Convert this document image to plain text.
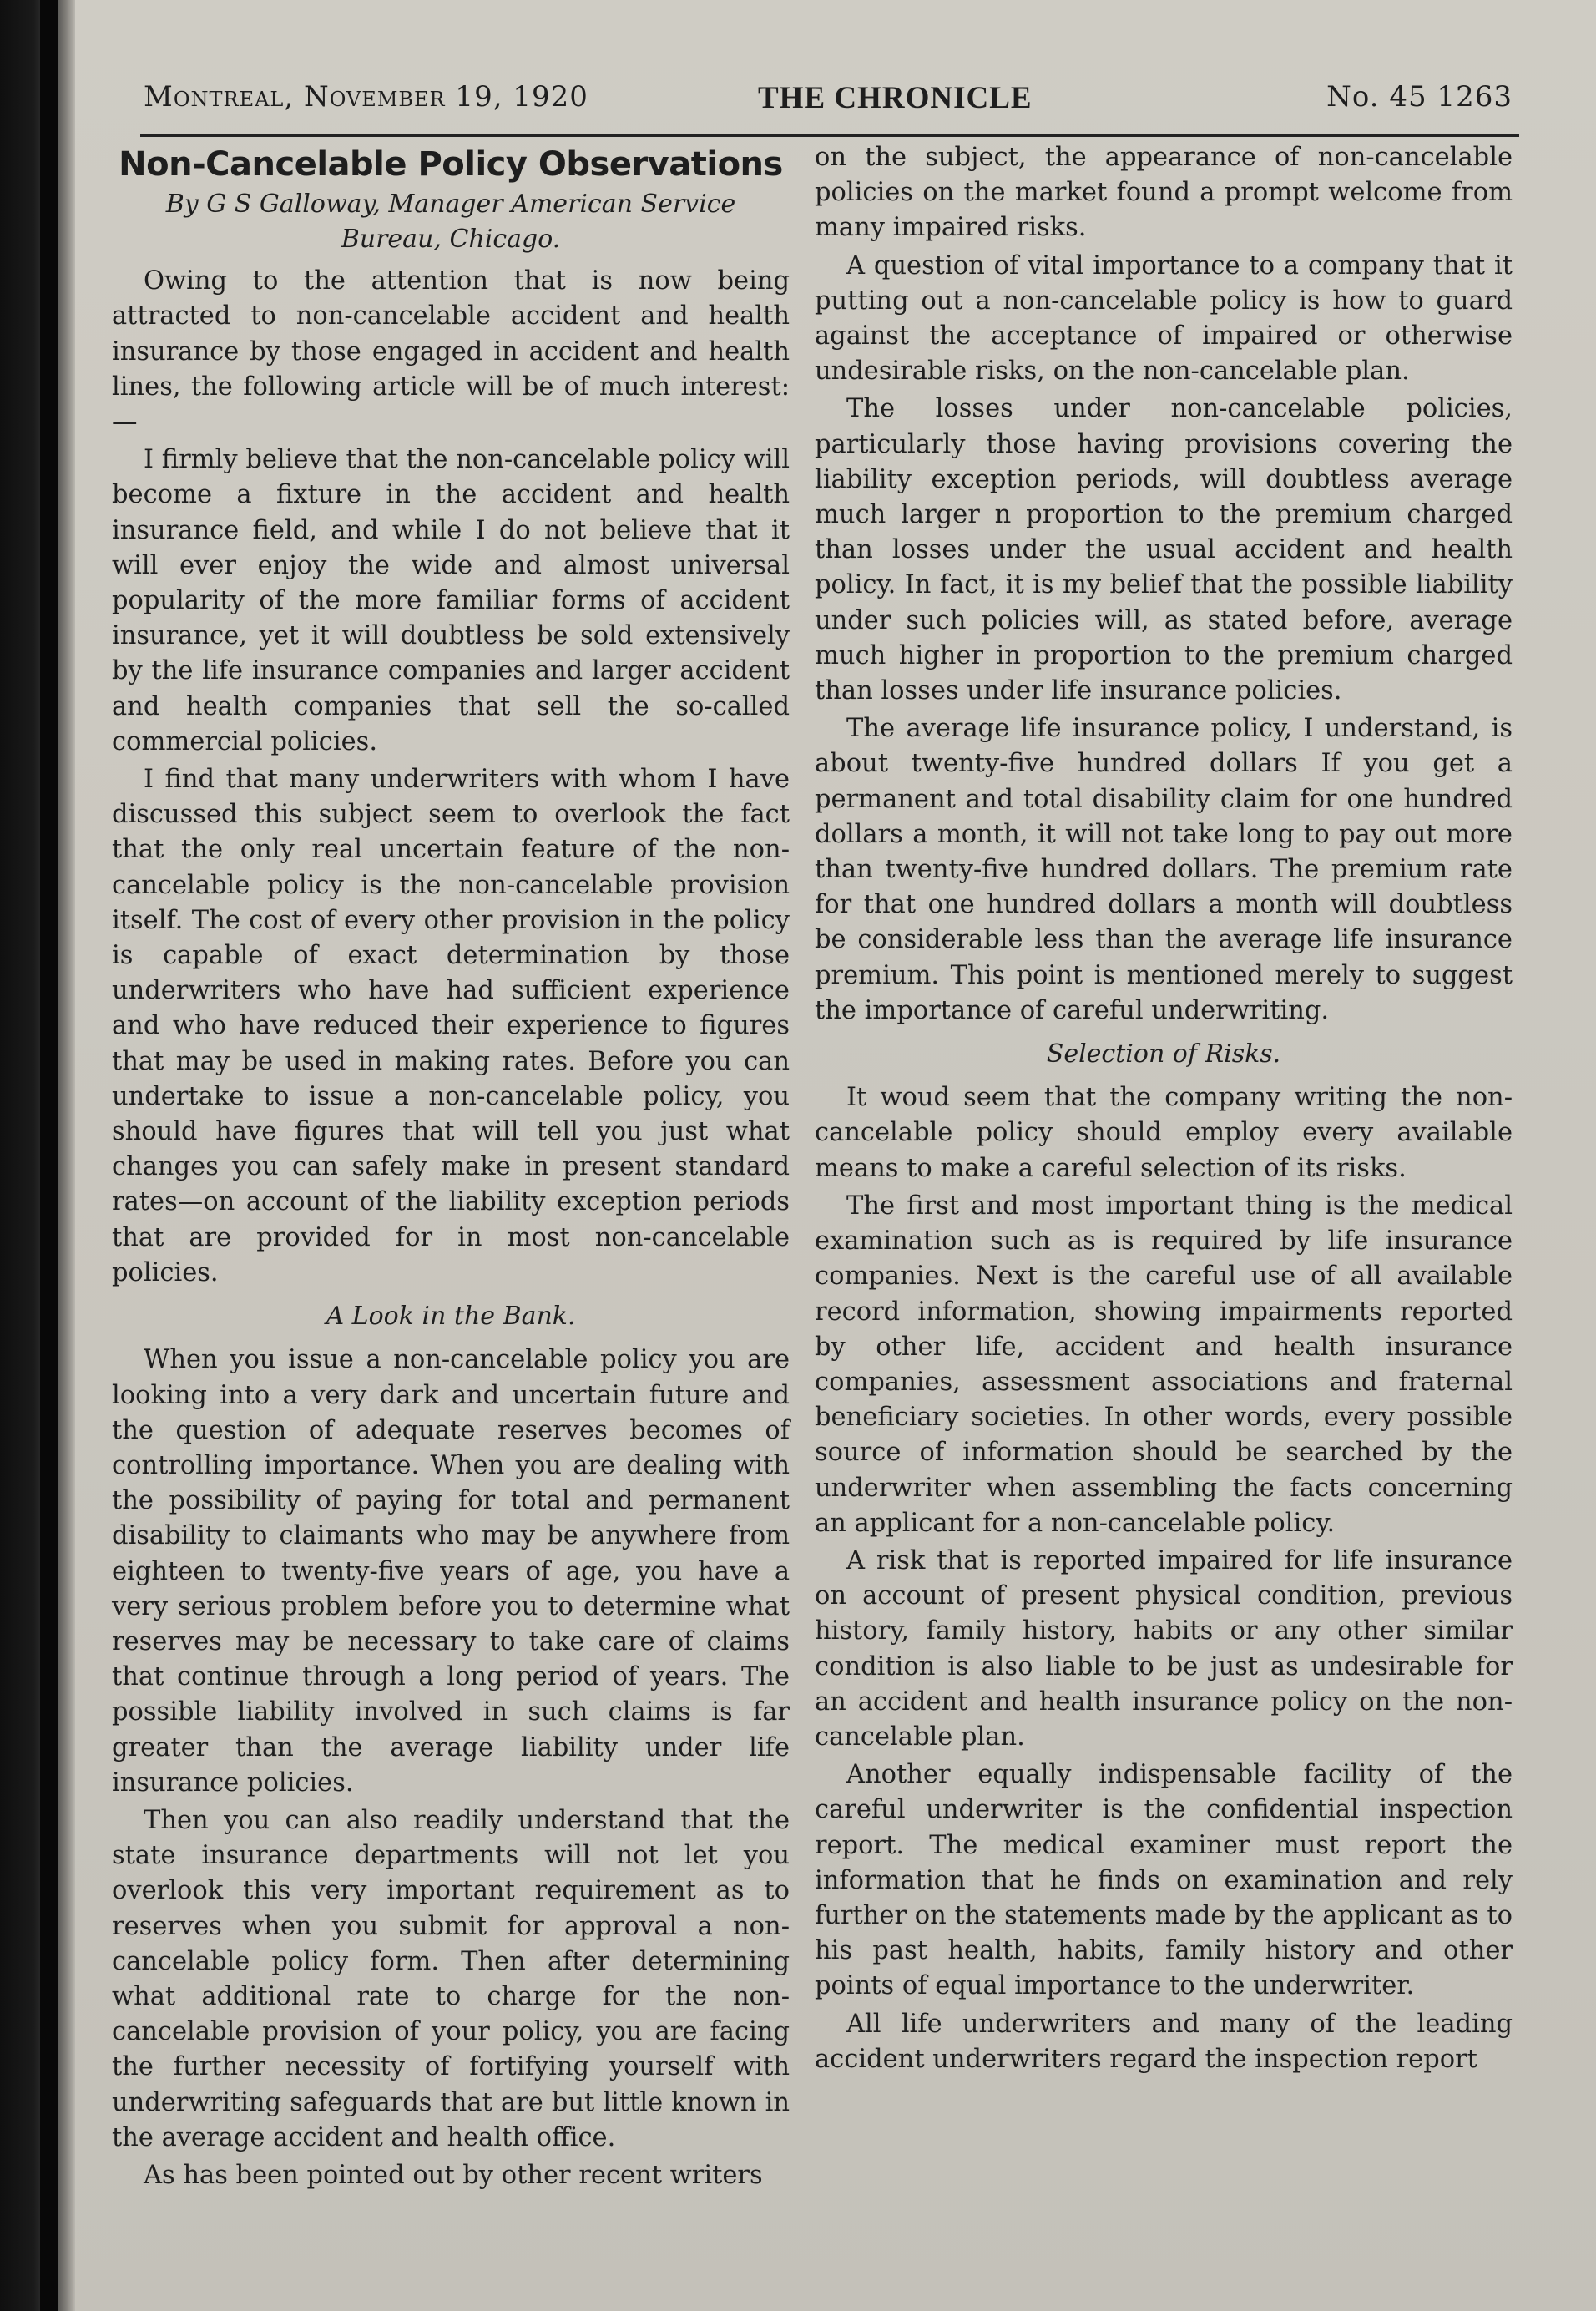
Montreal, November 19, 1920	THE CHRONICLE	No. 45 1263
Non-Cancelable Policy Observations
By G S Galloway, Manager American Service Bureau, Chicago.

Owing to the attention that is now being attracted to non-cancelable accident and health insurance by those engaged in accident and health lines, the following article will be of much interest:—

I firmly believe that the non-cancelable policy will become a fixture in the accident and health insurance field, and while I do not believe that it will ever enjoy the wide and almost universal popularity of the more familiar forms of accident insurance, yet it will doubtless be sold extensively by the life insurance companies and larger accident and health companies that sell the so-called commercial policies.

I find that many underwriters with whom I have discussed this subject seem to overlook the fact that the only real uncertain feature of the non-cancelable policy is the non-cancelable provision itself. The cost of every other provision in the policy is capable of exact determination by those underwriters who have had sufficient experience and who have reduced their experience to figures that may be used in making rates. Before you can undertake to issue a non-cancelable policy, you should have figures that will tell you just what changes you can safely make in present standard rates—on account of the liability exception periods that are provided for in most non-cancelable policies.

A Look in the Bank.

When you issue a non-cancelable policy you are looking into a very dark and uncertain future and the question of adequate reserves becomes of controlling importance. When you are dealing with the possibility of paying for total and permanent disability to claimants who may be anywhere from eighteen to twenty-five years of age, you have a very serious problem before you to determine what reserves may be necessary to take care of claims that continue through a long period of years. The possible liability involved in such claims is far greater than the average liability under life insurance policies.

Then you can also readily understand that the state insurance departments will not let you overlook this very important requirement as to reserves when you submit for approval a non-cancelable policy form. Then after determining what additional rate to charge for the non-cancelable provision of your policy, you are facing the further necessity of fortifying yourself with underwriting safeguards that are but little known in the average accident and health office.

As has been pointed out by other recent writers

on the subject, the appearance of non-cancelable policies on the market found a prompt welcome from many impaired risks.

A question of vital importance to a company that it putting out a non-cancelable policy is how to guard against the acceptance of impaired or otherwise undesirable risks, on the non-cancelable plan.

The losses under non-cancelable policies, particularly those having provisions covering the liability exception periods, will doubtless average much larger n proportion to the premium charged than losses under the usual accident and health policy. In fact, it is my belief that the possible liability under such policies will, as stated before, average much higher in proportion to the premium charged than losses under life insurance policies.

The average life insurance policy, I understand, is about twenty-five hundred dollars If you get a permanent and total disability claim for one hundred dollars a month, it will not take long to pay out more than twenty-five hundred dollars. The premium rate for that one hundred dollars a month will doubtless be considerable less than the average life insurance premium. This point is mentioned merely to suggest the importance of careful underwriting.

Selection of Risks.

It woud seem that the company writing the non-cancelable policy should employ every available means to make a careful selection of its risks.

The first and most important thing is the medical examination such as is required by life insurance companies. Next is the careful use of all available record information, showing impairments reported by other life, accident and health insurance companies, assessment associations and fraternal beneficiary societies. In other words, every possible source of information should be searched by the underwriter when assembling the facts concerning an applicant for a non-cancelable policy.

A risk that is reported impaired for life insurance on account of present physical condition, previous history, family history, habits or any other similar condition is also liable to be just as undesirable for an accident and health insurance policy on the non-cancelable plan.

Another equally indispensable facility of the careful underwriter is the confidential inspection report. The medical examiner must report the information that he finds on examination and rely further on the statements made by the applicant as to his past health, habits, family history and other points of equal importance to the underwriter.

All life underwriters and many of the leading accident underwriters regard the inspection report
